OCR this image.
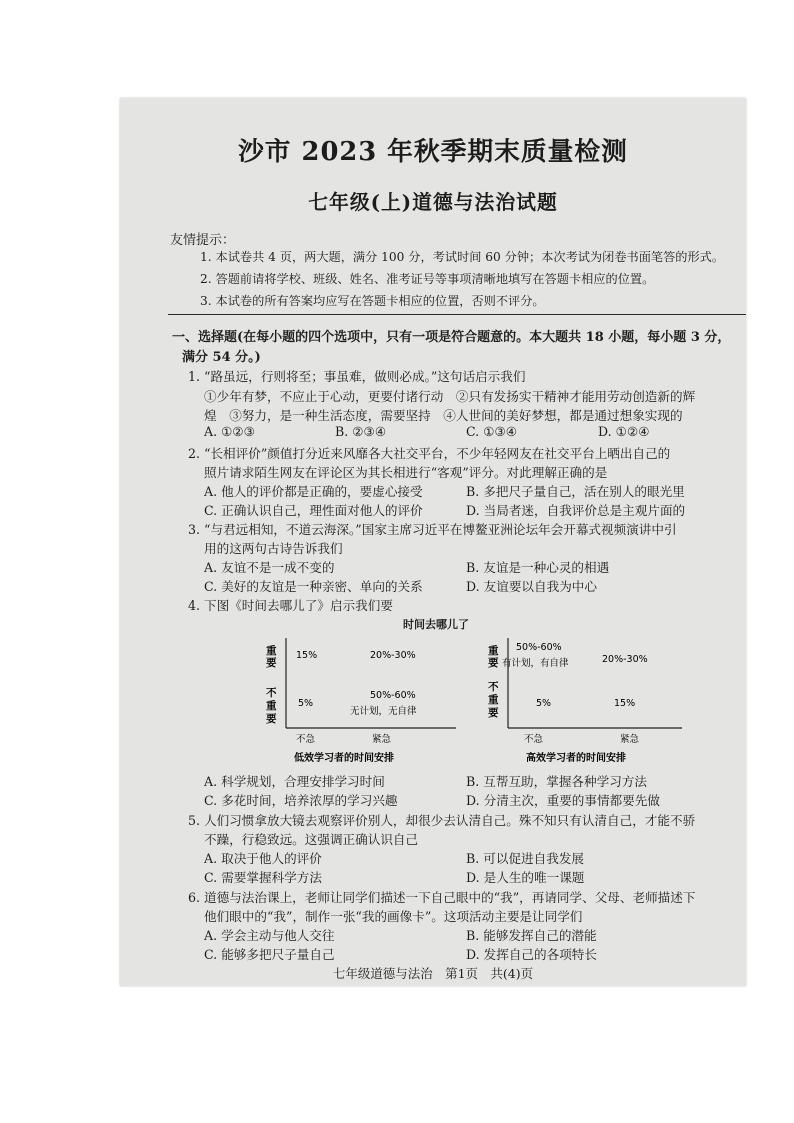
沙市 2023 年秋季期末质量检测
七年级(上)道德与法治试题
友情提示：
1. 本试卷共 4 页，两大题，满分 100 分，考试时间 60 分钟；本次考试为闭卷书面笔答的形式。
2. 答题前请将学校、班级、姓名、准考证号等事项清晰地填写在答题卡相应的位置。
3. 本试卷的所有答案均应写在答题卡相应的位置，否则不评分。
一、选择题(在每小题的四个选项中，只有一项是符合题意的。本大题共 18 小题，每小题 3 分，
满分 54 分。)
1. “路虽远，行则将至；事虽难，做则必成。”这句话启示我们
①少年有梦，不应止于心动，更要付诸行动　②只有发扬实干精神才能用劳动创造新的辉
煌　③努力，是一种生活态度，需要坚持　④人世间的美好梦想，都是通过想象实现的
A. ①②③	B. ②③④	C. ①③④	D. ①②④
2. “长相评价”颜值打分近来风靡各大社交平台，不少年轻网友在社交平台上晒出自己的
照片请求陌生网友在评论区为其长相进行“客观”评分。对此理解正确的是
A. 他人的评价都是正确的，要虚心接受	B. 多把尺子量自己，活在别人的眼光里
C. 正确认识自己，理性面对他人的评价	D. 当局者迷，自我评价总是主观片面的
3. “与君远相知，不道云海深。”国家主席习近平在博鳌亚洲论坛年会开幕式视频演讲中引
用的这两句古诗告诉我们
A. 友谊不是一成不变的	B. 友谊是一种心灵的相遇
C. 美好的友谊是一种亲密、单向的关系	D. 友谊要以自我为中心
4. 下图《时间去哪儿了》启示我们要
时间去哪儿了
重
要
不
重
要
15%	20%-30%
5%
50%-60%
无计划，无自律
不急	紧急
低效学习者的时间安排
重
要
不
重
要
50%-60%
有计划，有自律	20%-30%
5%	15%
不急	紧急
高效学习者的时间安排
A. 科学规划，合理安排学习时间	B. 互帮互助，掌握各种学习方法
C. 多花时间，培养浓厚的学习兴趣	D. 分清主次，重要的事情都要先做
5. 人们习惯拿放大镜去观察评价别人，却很少去认清自己。殊不知只有认清自己，才能不骄
不躁，行稳致远。这强调正确认识自己
A. 取决于他人的评价	B. 可以促进自我发展
C. 需要掌握科学方法	D. 是人生的唯一课题
6. 道德与法治课上，老师让同学们描述一下自己眼中的“我”，再请同学、父母、老师描述下
他们眼中的“我”，制作一张“我的画像卡”。这项活动主要是让同学们
A. 学会主动与他人交往	B. 能够发挥自己的潜能
C. 能够多把尺子量自己	D. 发挥自己的各项特长
七年级道德与法治　第1页　共(4)页
